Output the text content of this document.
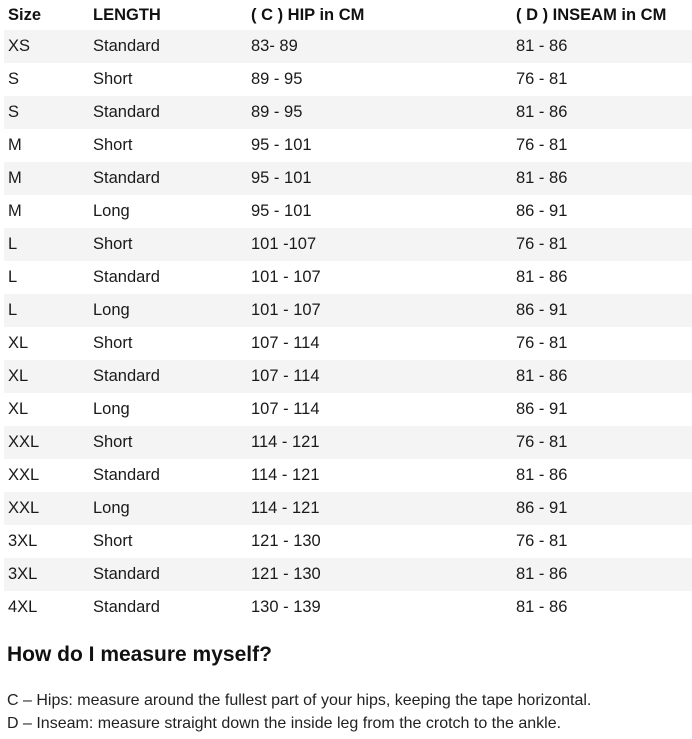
Size	LENGTH	( C ) HIP in CM	( D ) INSEAM in CM
XS	Standard	83- 89	81 - 86
S	Short	89 - 95	76 - 81
S	Standard	89 - 95	81 - 86
M	Short	95 - 101	76 - 81
M	Standard	95 - 101	81 - 86
M	Long	95 - 101	86 - 91
L	Short	101 -107	76 - 81
L	Standard	101 - 107	81 - 86
L	Long	101 - 107	86 - 91
XL	Short	107 - 114	76 - 81
XL	Standard	107 - 114	81 - 86
XL	Long	107 - 114	86 - 91
XXL	Short	114 - 121	76 - 81
XXL	Standard	114 - 121	81 - 86
XXL	Long	114 - 121	86 - 91
3XL	Short	121 - 130	76 - 81
3XL	Standard	121 - 130	81 - 86
4XL	Standard	130 - 139	81 - 86
How do I measure myself?

C – Hips: measure around the fullest part of your hips, keeping the tape horizontal.

D – Inseam: measure straight down the inside leg from the crotch to the ankle.
